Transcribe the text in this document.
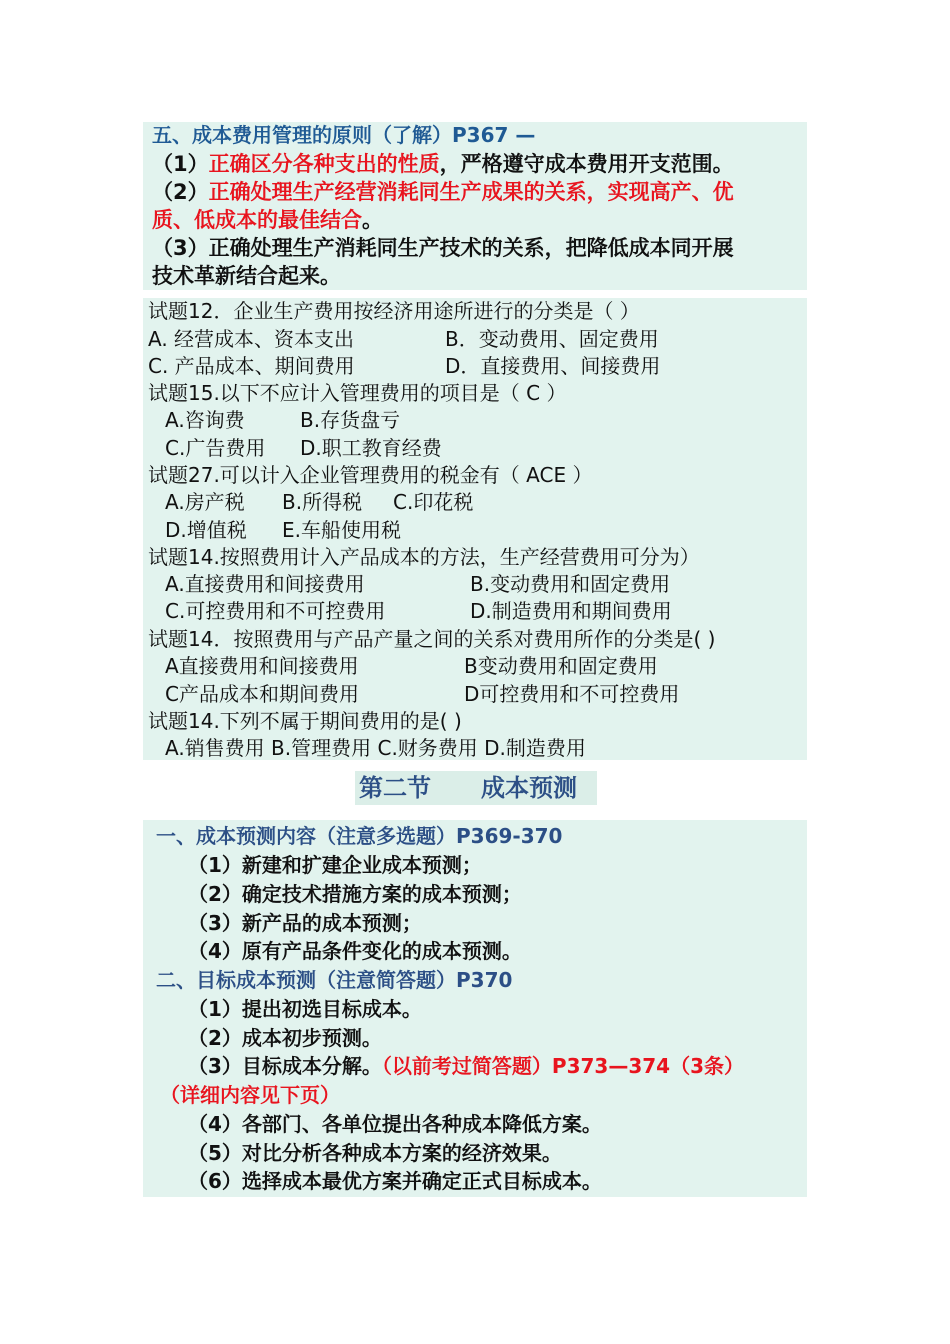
五、成本费用管理的原则（了解）P367 —
（1）正确区分各种支出的性质，严格遵守成本费用开支范围。
（2）正确处理生产经营消耗同生产成果的关系，实现高产、优
质、低成本的最佳结合。
（3）正确处理生产消耗同生产技术的关系，把降低成本同开展
技术革新结合起来。
试题12．企业生产费用按经济用途所进行的分类是（ ）
A. 经营成本、资本支出	B．变动费用、固定费用
C. 产品成本、期间费用	D．直接费用、间接费用
试题15.以下不应计入管理费用的项目是（ C ）
A.咨询费	B.存货盘亏
C.广告费用 D.职工教育经费
试题27.可以计入企业管理费用的税金有（ ACE ）
A.房产税 B.所得税 C.印花税
D.增值税 E.车船使用税
试题14.按照费用计入产品成本的方法，生产经营费用可分为）
A.直接费用和间接费用	B.变动费用和固定费用
C.可控费用和不可控费用	D.制造费用和期间费用
试题14．按照费用与产品产量之间的关系对费用所作的分类是( )
A直接费用和间接费用	B变动费用和固定费用
C产品成本和期间费用	D可控费用和不可控费用
试题14.下列不属于期间费用的是( )
A.销售费用 B.管理费用 C.财务费用 D.制造费用
第二节 成本预测
一、成本预测内容（注意多选题）P369-370
（1）新建和扩建企业成本预测；
（2）确定技术措施方案的成本预测；
（3）新产品的成本预测；
（4）原有产品条件变化的成本预测。
二、目标成本预测（注意简答题）P370
（1）提出初选目标成本。
（2）成本初步预测。
（3）目标成本分解。（以前考过简答题）P373—374（3条）
（详细内容见下页）
（4）各部门、各单位提出各种成本降低方案。
（5）对比分析各种成本方案的经济效果。
（6）选择成本最优方案并确定正式目标成本。
